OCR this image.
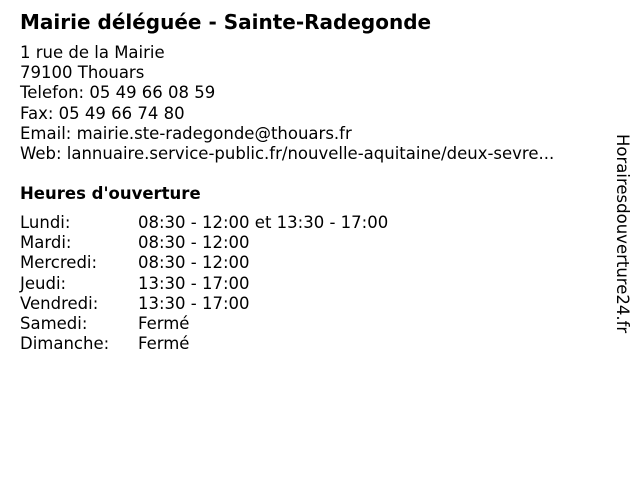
Mairie déléguée - Sainte-Radegonde
1 rue de la Mairie
79100 Thouars
Telefon: 05 49 66 08 59
Fax: 05 49 66 74 80
Email: mairie.ste-radegonde@thouars.fr
Web: lannuaire.service-public.fr/nouvelle-aquitaine/deux-sevre...
Heures d'ouverture
Lundi:	08:30 - 12:00 et 13:30 - 17:00
Mardi:	08:30 - 12:00
Mercredi: 08:30 - 12:00
Jeudi:	13:30 - 17:00
Vendredi: 13:30 - 17:00
Samedi:	Fermé
Dimanche: Fermé
Horairesdouverture24.fr
